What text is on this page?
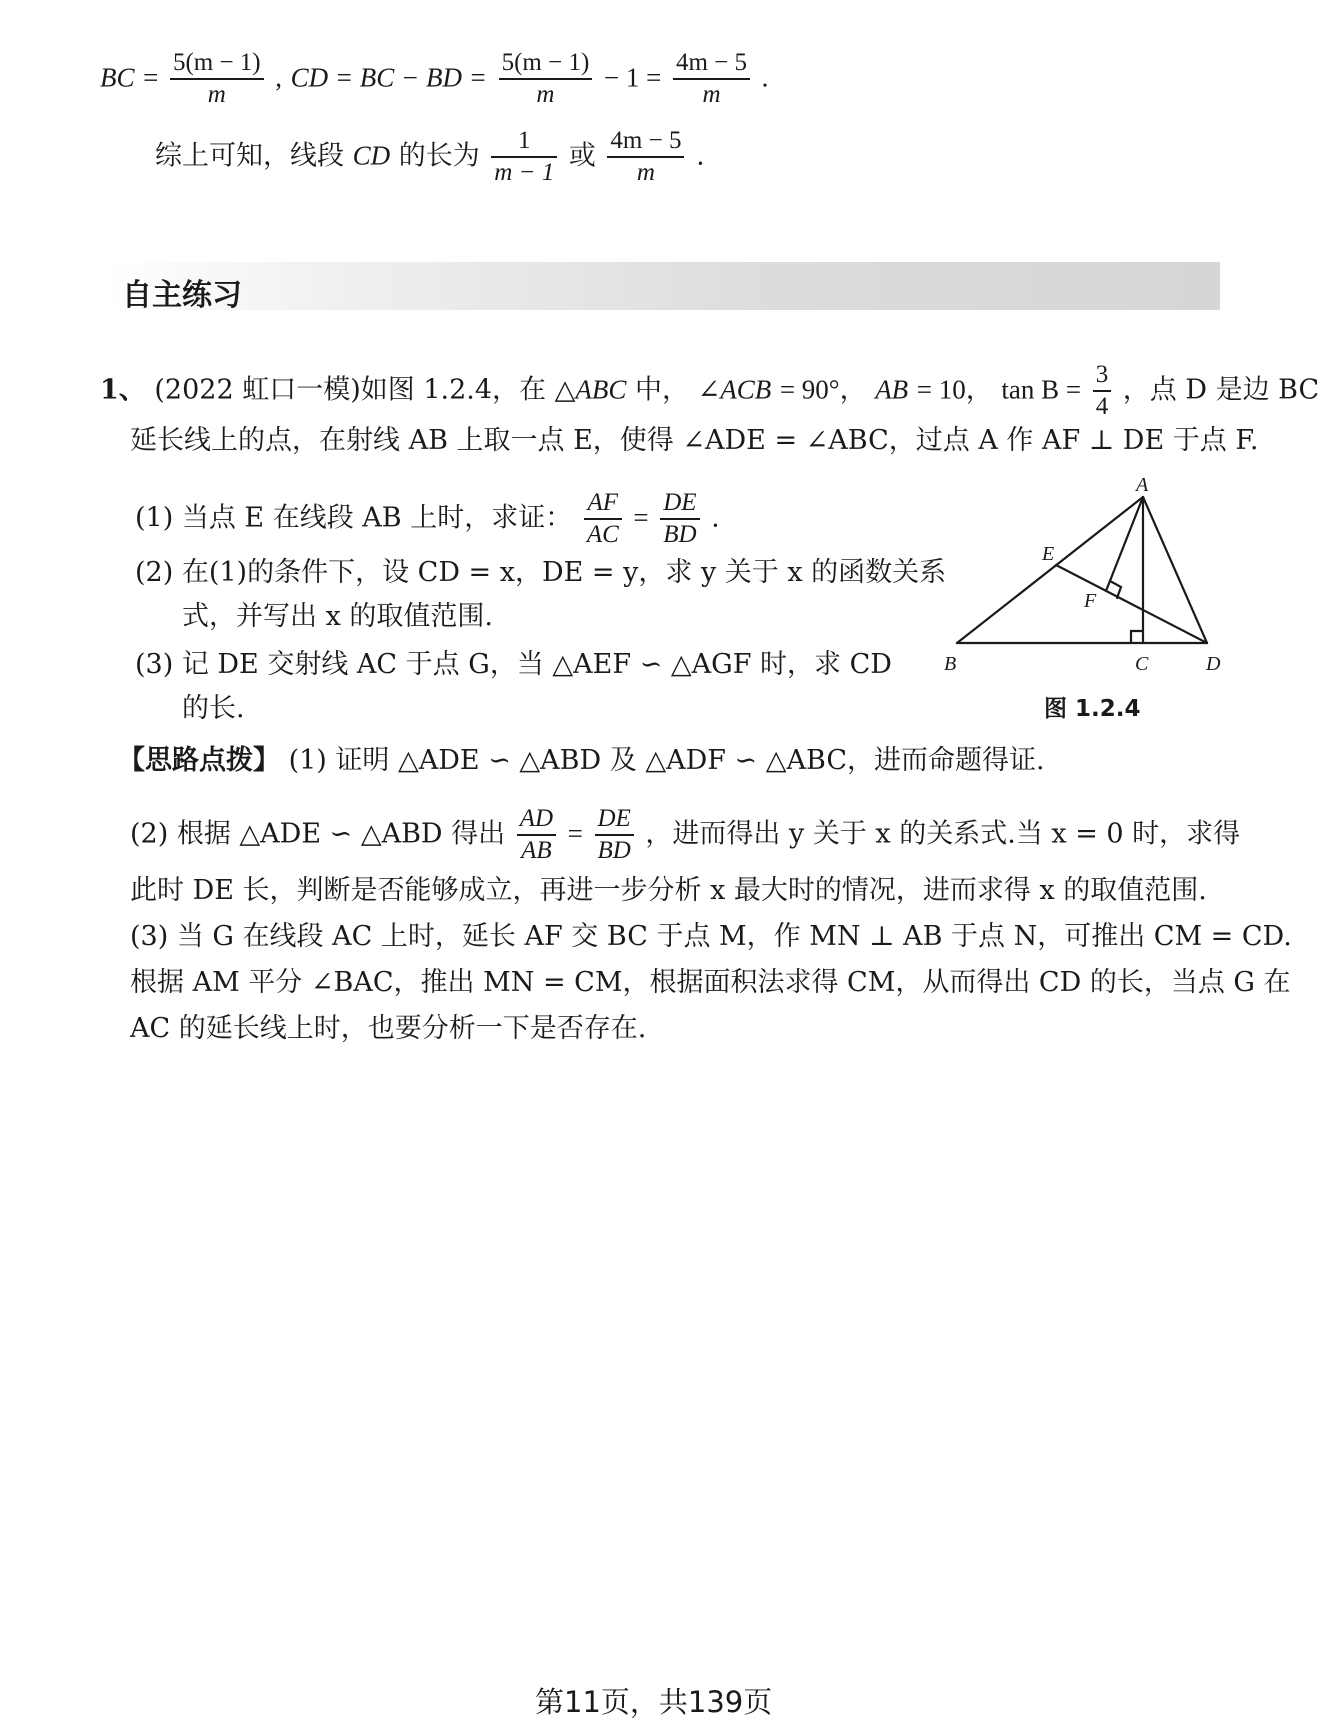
BC = $\frac{5(m - 1)}{m}$ , CD = BC − BD = $\frac{5(m - 1)}{m} - 1 = \frac{4m - 5}{m}$ .
综上可知，线段 CD 的长为 $\frac{1}{m - 1}$ 或 $\frac{4m - 5}{m}$ .
自主练习
1、 (2022 虹口一模)如图 1.2.4，在 △ABC 中， ∠ACB = 90°， AB = 10， $\tan B = \frac{3}{4}$ ，点 D 是边 BC
延长线上的点，在射线 AB 上取一点 E，使得 ∠ADE = ∠ABC，过点 A 作 AF ⊥ DE 于点 F.
(1) 当点 E 在线段 AB 上时，求证： $\frac{AF}{AC} = \frac{DE}{BD}$ .
(2) 在(1)的条件下，设 CD = x，DE = y，求 y 关于 x 的函数关系
式，并写出 x 的取值范围.
(3) 记 DE 交射线 AC 于点 G，当 △AEF ∽ △AGF 时，求 CD
的长.
A
E
F
B	C	D
图 1.2.4
【思路点拨】 (1) 证明 △ADE ∽ △ABD 及 △ADF ∽ △ABC，进而命题得证.
(2) 根据 △ADE ∽ △ABD 得出 $\frac{AD}{AB} = \frac{DE}{BD}$ ，进而得出 y 关于 x 的关系式.当 x = 0 时，求得
此时 DE 长，判断是否能够成立，再进一步分析 x 最大时的情况，进而求得 x 的取值范围.
(3) 当 G 在线段 AC 上时，延长 AF 交 BC 于点 M，作 MN ⊥ AB 于点 N，可推出 CM = CD.
根据 AM 平分 ∠BAC，推出 MN = CM，根据面积法求得 CM，从而得出 CD 的长，当点 G 在
AC 的延长线上时，也要分析一下是否存在.
第11页，共139页
